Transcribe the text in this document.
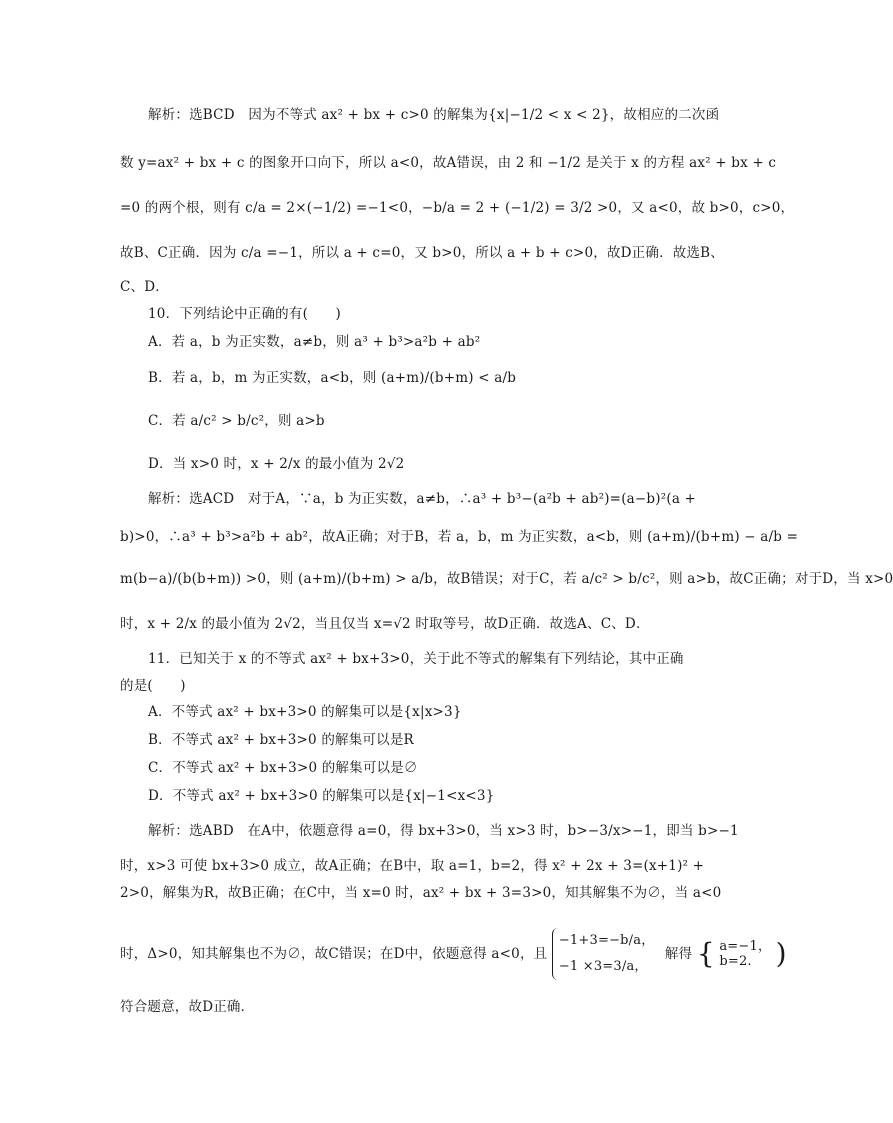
解析：选BCD　因为不等式 ax² + bx + c>0 的解集为{x|−1/2 < x < 2}，故相应的二次函
数 y=ax² + bx + c 的图象开口向下，所以 a<0，故A错误，由 2 和 −1/2 是关于 x 的方程 ax² + bx + c
=0 的两个根，则有 c/a = 2×(−1/2) =−1<0，−b/a = 2 + (−1/2) = 3/2 >0，又 a<0，故 b>0，c>0，
故B、C正确．因为 c/a =−1，所以 a + c=0，又 b>0，所以 a + b + c>0，故D正确．故选B、
C、D．
10．下列结论中正确的有(　　)
A．若 a，b 为正实数，a≠b，则 a³ + b³>a²b + ab²
B．若 a，b，m 为正实数，a<b，则 (a+m)/(b+m) < a/b
C．若 a/c² > b/c²，则 a>b
D．当 x>0 时，x + 2/x 的最小值为 2√2
解析：选ACD　对于A，∵a，b 为正实数，a≠b，∴a³ + b³−(a²b + ab²)=(a−b)²(a +
b)>0，∴a³ + b³>a²b + ab²，故A正确；对于B，若 a，b，m 为正实数，a<b，则 (a+m)/(b+m) − a/b =
m(b−a)/(b(b+m)) >0，则 (a+m)/(b+m) > a/b，故B错误；对于C，若 a/c² > b/c²，则 a>b，故C正确；对于D，当 x>0
时，x + 2/x 的最小值为 2√2，当且仅当 x=√2 时取等号，故D正确．故选A、C、D．
11．已知关于 x 的不等式 ax² + bx+3>0，关于此不等式的解集有下列结论，其中正确
的是(　　)
A．不等式 ax² + bx+3>0 的解集可以是{x|x>3}
B．不等式 ax² + bx+3>0 的解集可以是R
C．不等式 ax² + bx+3>0 的解集可以是∅
D．不等式 ax² + bx+3>0 的解集可以是{x|−1<x<3}
解析：选ABD　在A中，依题意得 a=0，得 bx+3>0，当 x>3 时，b>−3/x>−1，即当 b>−1
时，x>3 可使 bx+3>0 成立，故A正确；在B中，取 a=1，b=2，得 x² + 2x + 3=(x+1)² +
2>0，解集为R，故B正确；在C中，当 x=0 时，ax² + bx + 3=3>0，知其解集不为∅，当 a<0
时，Δ>0，知其解集也不为∅，故C错误；在D中，依题意得 a<0，且
−1+3=−b/a，
−1 ×3=3/a，
解得 { a=−1，
b=2. )
符合题意，故D正确．
